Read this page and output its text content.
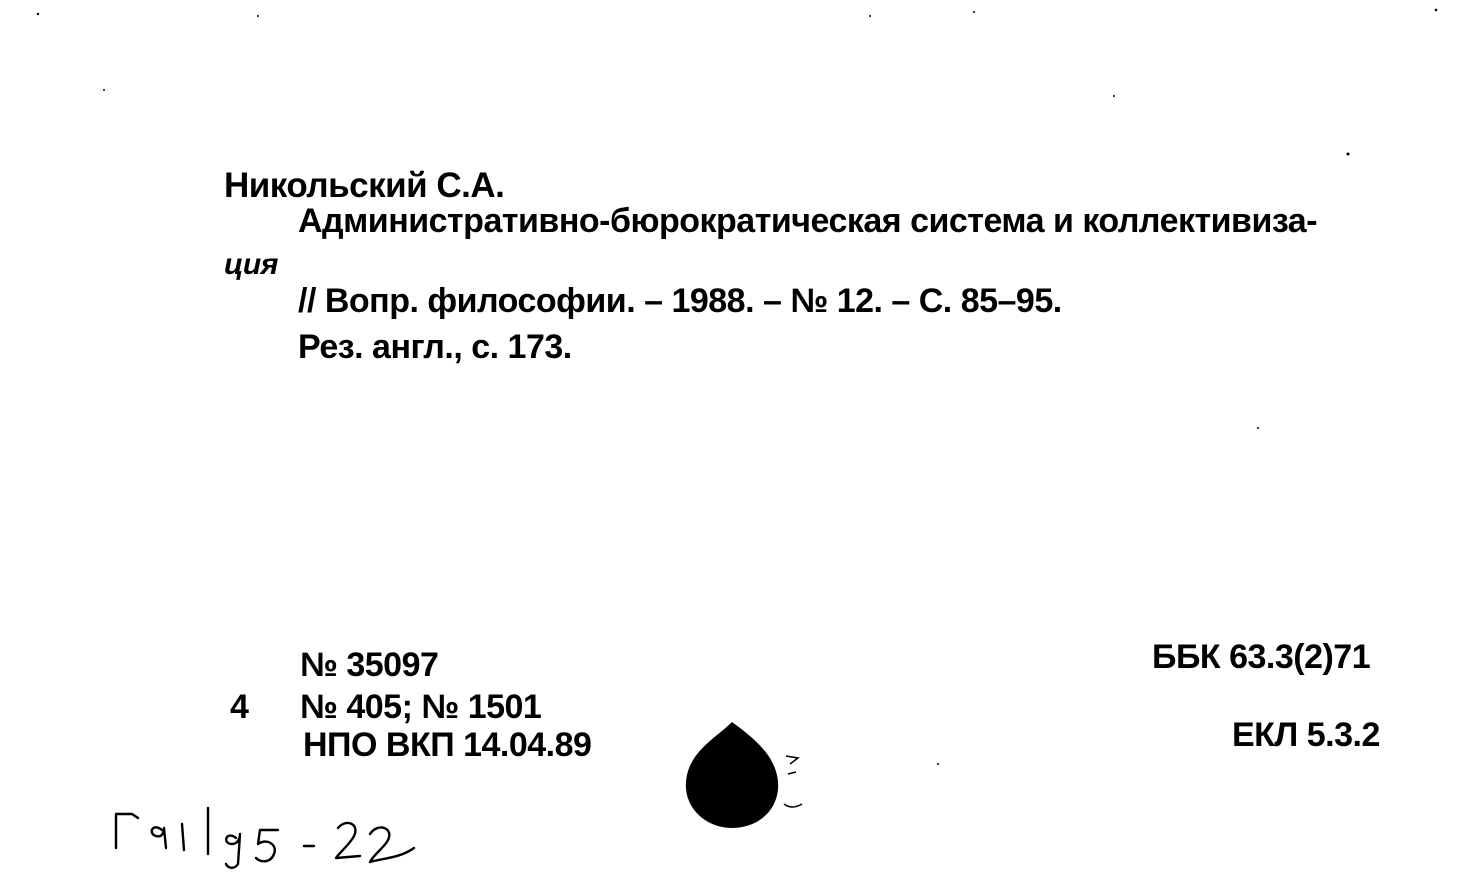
Никольский С.А.
Административно-бюрократическая система и коллективиза-
ция
// Вопр. философии. – 1988. – № 12. – С. 85–95.
Рез. англ., с. 173.
№ 35097
4 № 405; № 1501
НПО ВКП 14.04.89
ББК 63.3(2)71
ЕКЛ 5.3.2
